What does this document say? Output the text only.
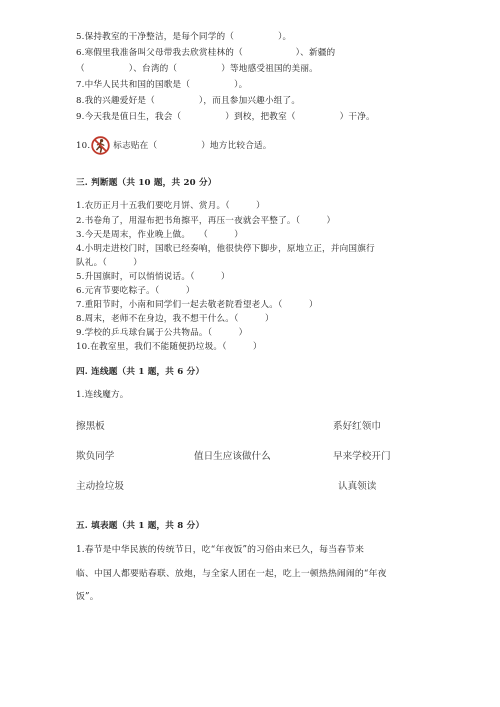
5.保持教室的干净整洁，是每个同学的（　　　　　）。
6.寒假里我准备叫父母带我去欣赏桂林的（　　　　　　）、新疆的
（　　　　　）、台湾的（　　　　　）等地感受祖国的美丽。
7.中华人民共和国的国歌是（　　　　　）。
8.我的兴趣爱好是（　　　　　），而且参加兴趣小组了。
9.今天我是值日生，我会（　　　　　）到校，把教室（　　　　　）干净。
10.	标志贴在（　　　　　）地方比较合适。
三. 判断题（共 10 题，共 20 分）
1.农历正月十五我们要吃月饼、赏月。（　　　）
2.书卷角了，用湿布把书角擦平，再压一夜就会平整了。（　　　）
3.今天是周末，作业晚上做。　　（　　　）
4.小明走进校门时，国歌已经奏响，他很快停下脚步，原地立正，并向国旗行
队礼。（　　　）
5.升国旗时，可以悄悄说话。（　　　）
6.元宵节要吃粽子。（　　　）
7.重阳节时，小南和同学们一起去敬老院看望老人。（　　　）
8.周末，老师不在身边，我不想干什么。（　　　）
9.学校的乒乓球台属于公共物品。（　　　）
10.在教室里，我们不能随便扔垃圾。（　　　）
四. 连线题（共 1 题，共 6 分）
1.连线魔方。
擦黑板
欺负同学
主动捡垃圾
值日生应该做什么
系好红领巾
早来学校开门
认真领读
五. 填表题（共 1 题，共 8 分）
1.春节是中华民族的传统节日，吃“年夜饭”的习俗由来已久，每当春节来
临、中国人都要贴春联、放炮，与全家人团在一起，吃上一顿热热闹闹的“年夜
饭”。
